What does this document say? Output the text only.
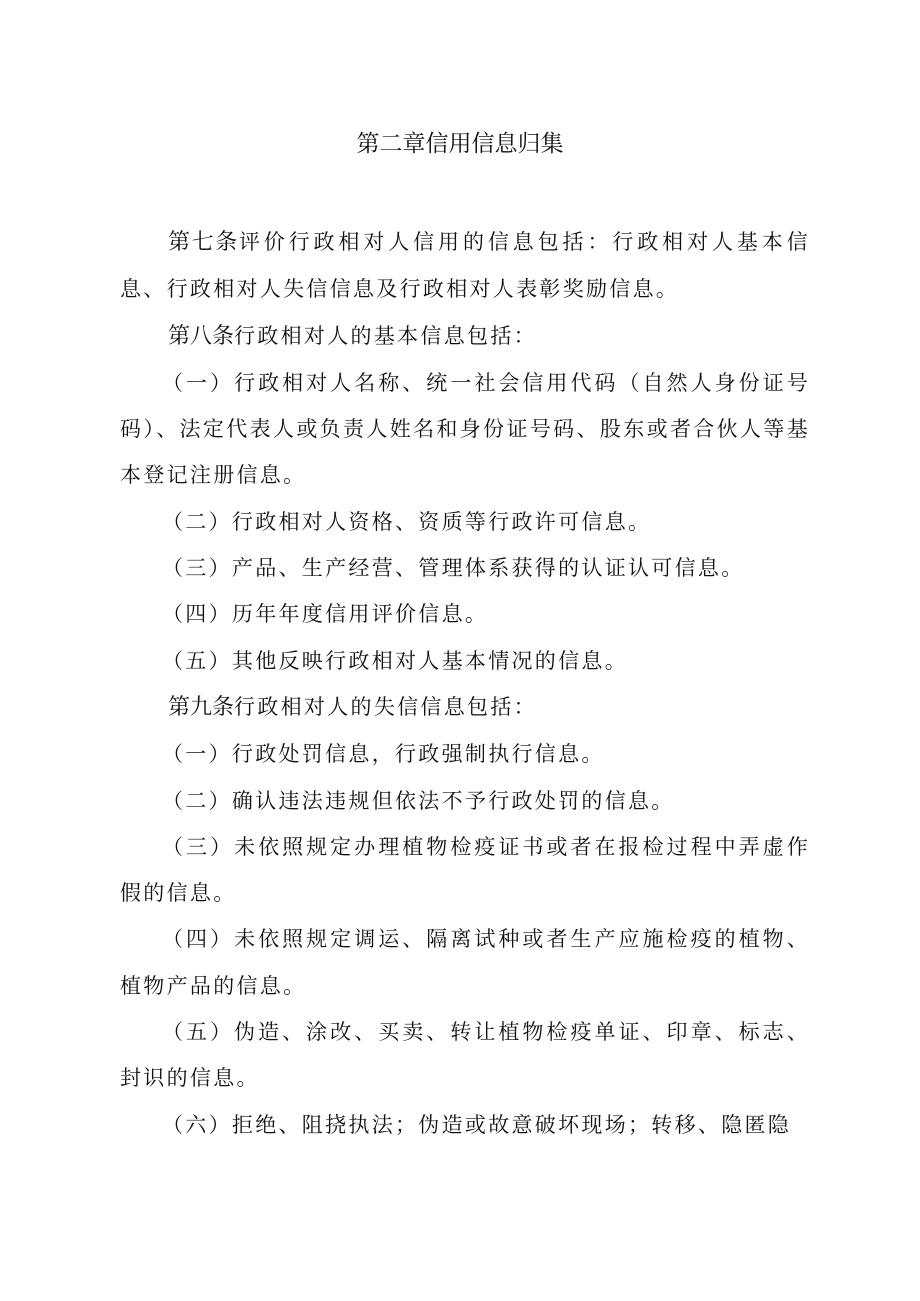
第二章信用信息归集

第七条评价行政相对人信用的信息包括：行政相对人基本信息、行政相对人失信信息及行政相对人表彰奖励信息。

第八条行政相对人的基本信息包括：

（一）行政相对人名称、统一社会信用代码（自然人身份证号码）、法定代表人或负责人姓名和身份证号码、股东或者合伙人等基本登记注册信息。

（二）行政相对人资格、资质等行政许可信息。

（三）产品、生产经营、管理体系获得的认证认可信息。

（四）历年年度信用评价信息。

（五）其他反映行政相对人基本情况的信息。

第九条行政相对人的失信信息包括：

（一）行政处罚信息，行政强制执行信息。

（二）确认违法违规但依法不予行政处罚的信息。

（三）未依照规定办理植物检疫证书或者在报检过程中弄虚作假的信息。

（四）未依照规定调运、隔离试种或者生产应施检疫的植物、植物产品的信息。

（五）伪造、涂改、买卖、转让植物检疫单证、印章、标志、封识的信息。

（六）拒绝、阻挠执法；伪造或故意破坏现场；转移、隐匿隐
